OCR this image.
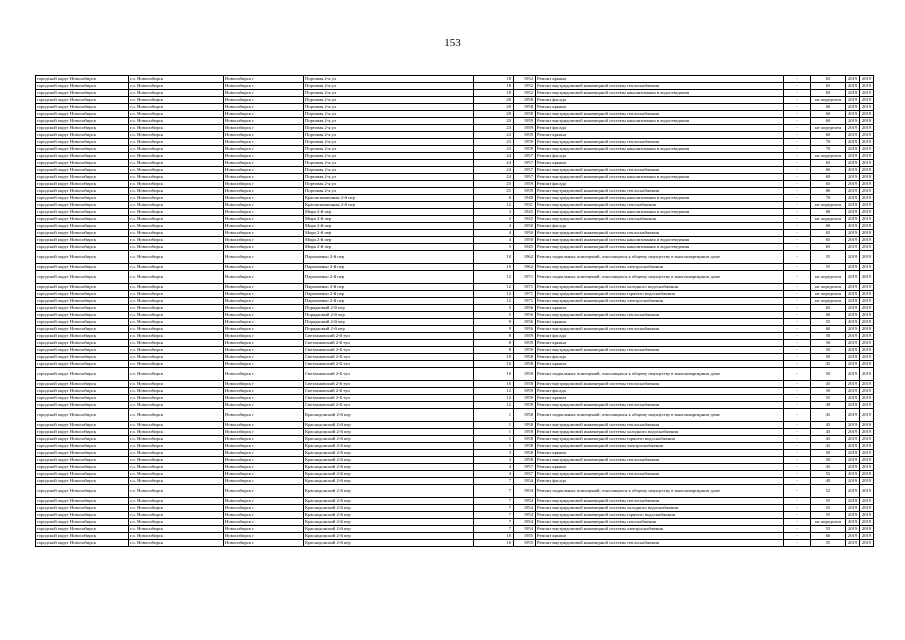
153
городской округ Новосибирск	г.о. Новосибирск	Новосибирск г	Портовая 2-я ул	18	1952	Ремонт крыши	-	65	2019	2019
городской округ Новосибирск	г.о. Новосибирск	Новосибирск г	Портовая 2-я ул	18	1952	Ремонт внутридомовой инженерной системы теплоснабжения	-	65	2019	2019
городской округ Новосибирск	г.о. Новосибирск	Новосибирск г	Портовая 2-я ул	18	1952	Ремонт внутридомовой инженерной системы канализования и водоотведения	-	65	2019	2019
городской округ Новосибирск	г.о. Новосибирск	Новосибирск г	Портовая 2-я ул	20	1958	Ремонт фасада	-	не определен	2019	2019
городской округ Новосибирск	г.о. Новосибирск	Новосибирск г	Портовая 2-я ул	20	1958	Ремонт крыши	-	60	2019	2019
городской округ Новосибирск	г.о. Новосибирск	Новосибирск г	Портовая 2-я ул	20	1958	Ремонт внутридомовой инженерной системы теплоснабжения	-	60	2019	2019
городской округ Новосибирск	г.о. Новосибирск	Новосибирск г	Портовая 2-я ул	20	1959	Ремонт внутридомовой инженерной системы канализования и водоотведения	-	60	2019	2019
городской округ Новосибирск	г.о. Новосибирск	Новосибирск г	Портовая 2-я ул	23	1959	Ремонт фасада	-	не определен	2019	2019
городской округ Новосибирск	г.о. Новосибирск	Новосибирск г	Портовая 2-я ул	23	1959	Ремонт крыши	-	60	2019	2019
городской округ Новосибирск	г.о. Новосибирск	Новосибирск г	Портовая 2-я ул	23	1959	Ремонт внутридомовой инженерной системы теплоснабжения	-	70	2019	2019
городской округ Новосибирск	г.о. Новосибирск	Новосибирск г	Портовая 2-я ул	23	1959	Ремонт внутридомовой инженерной системы канализования и водоотведения	-	70	2019	2019
городской округ Новосибирск	г.о. Новосибирск	Новосибирск г	Портовая 2-я ул	24	1957	Ремонт фасада	-	не определен	2019	2019
городской округ Новосибирск	г.о. Новосибирск	Новосибирск г	Портовая 2-я ул	24	1957	Ремонт крыши	-	65	2019	2019
городской округ Новосибирск	г.о. Новосибирск	Новосибирск г	Портовая 2-я ул	24	1957	Ремонт внутридомовой инженерной системы теплоснабжения	-	60	2019	2019
городской округ Новосибирск	г.о. Новосибирск	Новосибирск г	Портовая 2-я ул	24	1957	Ремонт внутридомовой инженерной системы канализования и водоотведения	-	69	2019	2019
городской округ Новосибирск	г.о. Новосибирск	Новосибирск г	Портовая 2-я ул	25	1959	Ремонт фасада	-	65	2019	2019
городской округ Новосибирск	г.о. Новосибирск	Новосибирск г	Портовая 2-я ул	25	1959	Ремонт внутридомовой инженерной системы теплоснабжения	-	80	2019	2019
городской округ Новосибирск	г.о. Новосибирск	Новосибирск г	Краснознаменная 2-й пер	6	1940	Ремонт внутридомовой инженерной системы канализования и водоотведения	-	70	2019	2019
городской округ Новосибирск	г.о. Новосибирск	Новосибирск г	Краснознаменная 2-й пер	12	1931	Ремонт внутридомовой инженерной системы газоснабжения	-	не определен	2019	2019
городской округ Новосибирск	г.о. Новосибирск	Новосибирск г	Мира 2-й пер	3	1945	Ремонт внутридомовой инженерной системы канализования и водоотведения	-	60	2019	2019
городской округ Новосибирск	г.о. Новосибирск	Новосибирск г	Мира 2-й пер	3	1945	Ремонт внутридомовой инженерной системы газоснабжения	-	не определен	2019	2019
городской округ Новосибирск	г.о. Новосибирск	Новосибирск г	Мира 2-й пер	4	1950	Ремонт фасада	-	60	2019	2019
городской округ Новосибирск	г.о. Новосибирск	Новосибирск г	Мира 2-й пер	4	1950	Ремонт внутридомовой инженерной системы теплоснабжения	-	65	2019	2019
городской округ Новосибирск	г.о. Новосибирск	Новосибирск г	Мира 2-й пер	4	1950	Ремонт внутридомовой инженерной системы канализования и водоотведения	-	65	2019	2019
городской округ Новосибирск	г.о. Новосибирск	Новосибирск г	Мира 2-й пер	5	1945	Ремонт внутридомовой инженерной системы канализования и водоотведения	-	65	2019	2019
городской округ Новосибирск	г.о. Новосибирск	Новосибирск г	Пархоменко 2-й пер	10	1962	Ремонт подвальных помещений, относящихся к общему имуществу в многоквартирном доме	-	55	2019	2019
городской округ Новосибирск	г.о. Новосибирск	Новосибирск г	Пархоменко 2-й пер	10	1962	Ремонт внутридомовой инженерной системы электроснабжения	-	55	2019	2019
городской округ Новосибирск	г.о. Новосибирск	Новосибирск г	Пархоменко 2-й пер	12	1971	Ремонт подвальных помещений, относящихся к общему имуществу в многоквартирном доме	-	не определен	2019	2019
городской округ Новосибирск	г.о. Новосибирск	Новосибирск г	Пархоменко 2-й пер	12	1971	Ремонт внутридомовой инженерной системы холодного водоснабжения	-	не определен	2019	2019
городской округ Новосибирск	г.о. Новосибирск	Новосибирск г	Пархоменко 2-й пер	12	1971	Ремонт внутридомовой инженерной системы горячего водоснабжения	-	не определен	2019	2019
городской округ Новосибирск	г.о. Новосибирск	Новосибирск г	Пархоменко 2-й пер	12	1971	Ремонт внутридомовой инженерной системы электроснабжения	-	не определен	2019	2019
городской округ Новосибирск	г.о. Новосибирск	Новосибирск г	Порядковый 2-й пер	5	1956	Ремонт крыши	-	65	2019	2019
городской округ Новосибирск	г.о. Новосибирск	Новосибирск г	Порядковый 2-й пер	5	1956	Ремонт внутридомовой инженерной системы теплоснабжения	-	60	2019	2019
городской округ Новосибирск	г.о. Новосибирск	Новосибирск г	Порядковый 2-й пер	9	1956	Ремонт крыши	-	55	2019	2019
городской округ Новосибирск	г.о. Новосибирск	Новосибирск г	Порядковый 2-й пер	9	1956	Ремонт внутридомовой инженерной системы теплоснабжения	-	60	2019	2019
городской округ Новосибирск	г.о. Новосибирск	Новосибирск г	Светлановский 2-й туп	8	1959	Ремонт фасада	-	50	2019	2019
городской округ Новосибирск	г.о. Новосибирск	Новосибирск г	Светлановский 2-й туп	8	1959	Ремонт крыши	-	50	2019	2019
городской округ Новосибирск	г.о. Новосибирск	Новосибирск г	Светлановский 2-й туп	8	1959	Ремонт внутридомовой инженерной системы теплоснабжения	-	50	2019	2019
городской округ Новосибирск	г.о. Новосибирск	Новосибирск г	Светлановский 2-й туп	10	1958	Ремонт фасада	-	50	2019	2019
городской округ Новосибирск	г.о. Новосибирск	Новосибирск г	Светлановский 2-й туп	10	1958	Ремонт крыши	-	45	2019	2019
городской округ Новосибирск	г.о. Новосибирск	Новосибирск г	Светлановский 2-й туп	10	1958	Ремонт подвальных помещений, относящихся к общему имуществу в многоквартирном доме	-	50	2019	2019
городской округ Новосибирск	г.о. Новосибирск	Новосибирск г	Светлановский 2-й туп	10	1958	Ремонт внутридомовой инженерной системы теплоснабжения	-	45	2019	2019
городской округ Новосибирск	г.о. Новосибирск	Новосибирск г	Светлановский 2-й туп	12	1959	Ремонт фасада	-	50	2019	2019
городской округ Новосибирск	г.о. Новосибирск	Новосибирск г	Светлановский 2-й туп	12	1959	Ремонт крыши	-	55	2019	2019
городской округ Новосибирск	г.о. Новосибирск	Новосибирск г	Светлановский 2-й туп	12	1959	Ремонт внутридомовой инженерной системы теплоснабжения	-	49	2019	2019
городской округ Новосибирск	г.о. Новосибирск	Новосибирск г	Краснодонский 2-й пер	1	1958	Ремонт подвальных помещений, относящихся к общему имуществу в многоквартирном доме	-	45	2019	2019
городской округ Новосибирск	г.о. Новосибирск	Новосибирск г	Краснодонский 2-й пер	1	1958	Ремонт внутридомовой инженерной системы теплоснабжения	-	45	2019	2019
городской округ Новосибирск	г.о. Новосибирск	Новосибирск г	Краснодонский 2-й пер	1	1958	Ремонт внутридомовой инженерной системы холодного водоснабжения	-	45	2019	2019
городской округ Новосибирск	г.о. Новосибирск	Новосибирск г	Краснодонский 2-й пер	1	1958	Ремонт внутридомовой инженерной системы горячего водоснабжения	-	45	2019	2019
городской округ Новосибирск	г.о. Новосибирск	Новосибирск г	Краснодонский 2-й пер	1	1958	Ремонт внутридомовой инженерной системы электроснабжения	-	45	2019	2019
городской округ Новосибирск	г.о. Новосибирск	Новосибирск г	Краснодонский 2-й пер	3	1958	Ремонт крыши	-	50	2019	2019
городской округ Новосибирск	г.о. Новосибирск	Новосибирск г	Краснодонский 2-й пер	3	1958	Ремонт внутридомовой инженерной системы теплоснабжения	-	50	2019	2019
городской округ Новосибирск	г.о. Новосибирск	Новосибирск г	Краснодонский 2-й пер	4	1957	Ремонт крыши	-	45	2019	2019
городской округ Новосибирск	г.о. Новосибирск	Новосибирск г	Краснодонский 2-й пер	4	1957	Ремонт внутридомовой инженерной системы теплоснабжения	-	55	2019	2019
городской округ Новосибирск	г.о. Новосибирск	Новосибирск г	Краснодонский 2-й пер	7	1954	Ремонт фасада	-	49	2019	2019
городской округ Новосибирск	г.о. Новосибирск	Новосибирск г	Краснодонский 2-й пер	7	1954	Ремонт подвальных помещений, относящихся к общему имуществу в многоквартирном доме	-	52	2019	2019
городской округ Новосибирск	г.о. Новосибирск	Новосибирск г	Краснодонский 2-й пер	7	1954	Ремонт внутридомовой инженерной системы теплоснабжения	-	55	2019	2019
городской округ Новосибирск	г.о. Новосибирск	Новосибирск г	Краснодонский 2-й пер	7	1954	Ремонт внутридомовой инженерной системы холодного водоснабжения	-	55	2019	2019
городской округ Новосибирск	г.о. Новосибирск	Новосибирск г	Краснодонский 2-й пер	7	1954	Ремонт внутридомовой инженерной системы горячего водоснабжения	-	55	2019	2019
городской округ Новосибирск	г.о. Новосибирск	Новосибирск г	Краснодонский 2-й пер	7	1954	Ремонт внутридомовой инженерной системы газоснабжения	-	не определен	2019	2019
городской округ Новосибирск	г.о. Новосибирск	Новосибирск г	Краснодонский 2-й пер	7	1954	Ремонт внутридомовой инженерной системы электроснабжения	-	55	2019	2019
городской округ Новосибирск	г.о. Новосибирск	Новосибирск г	Краснодонский 2-й пер	10	1955	Ремонт крыши	-	60	2019	2019
городской округ Новосибирск	г.о. Новосибирск	Новосибирск г	Краснодонский 2-й пер	10	1955	Ремонт внутридомовой инженерной системы теплоснабжения	-	55	2019	2019
